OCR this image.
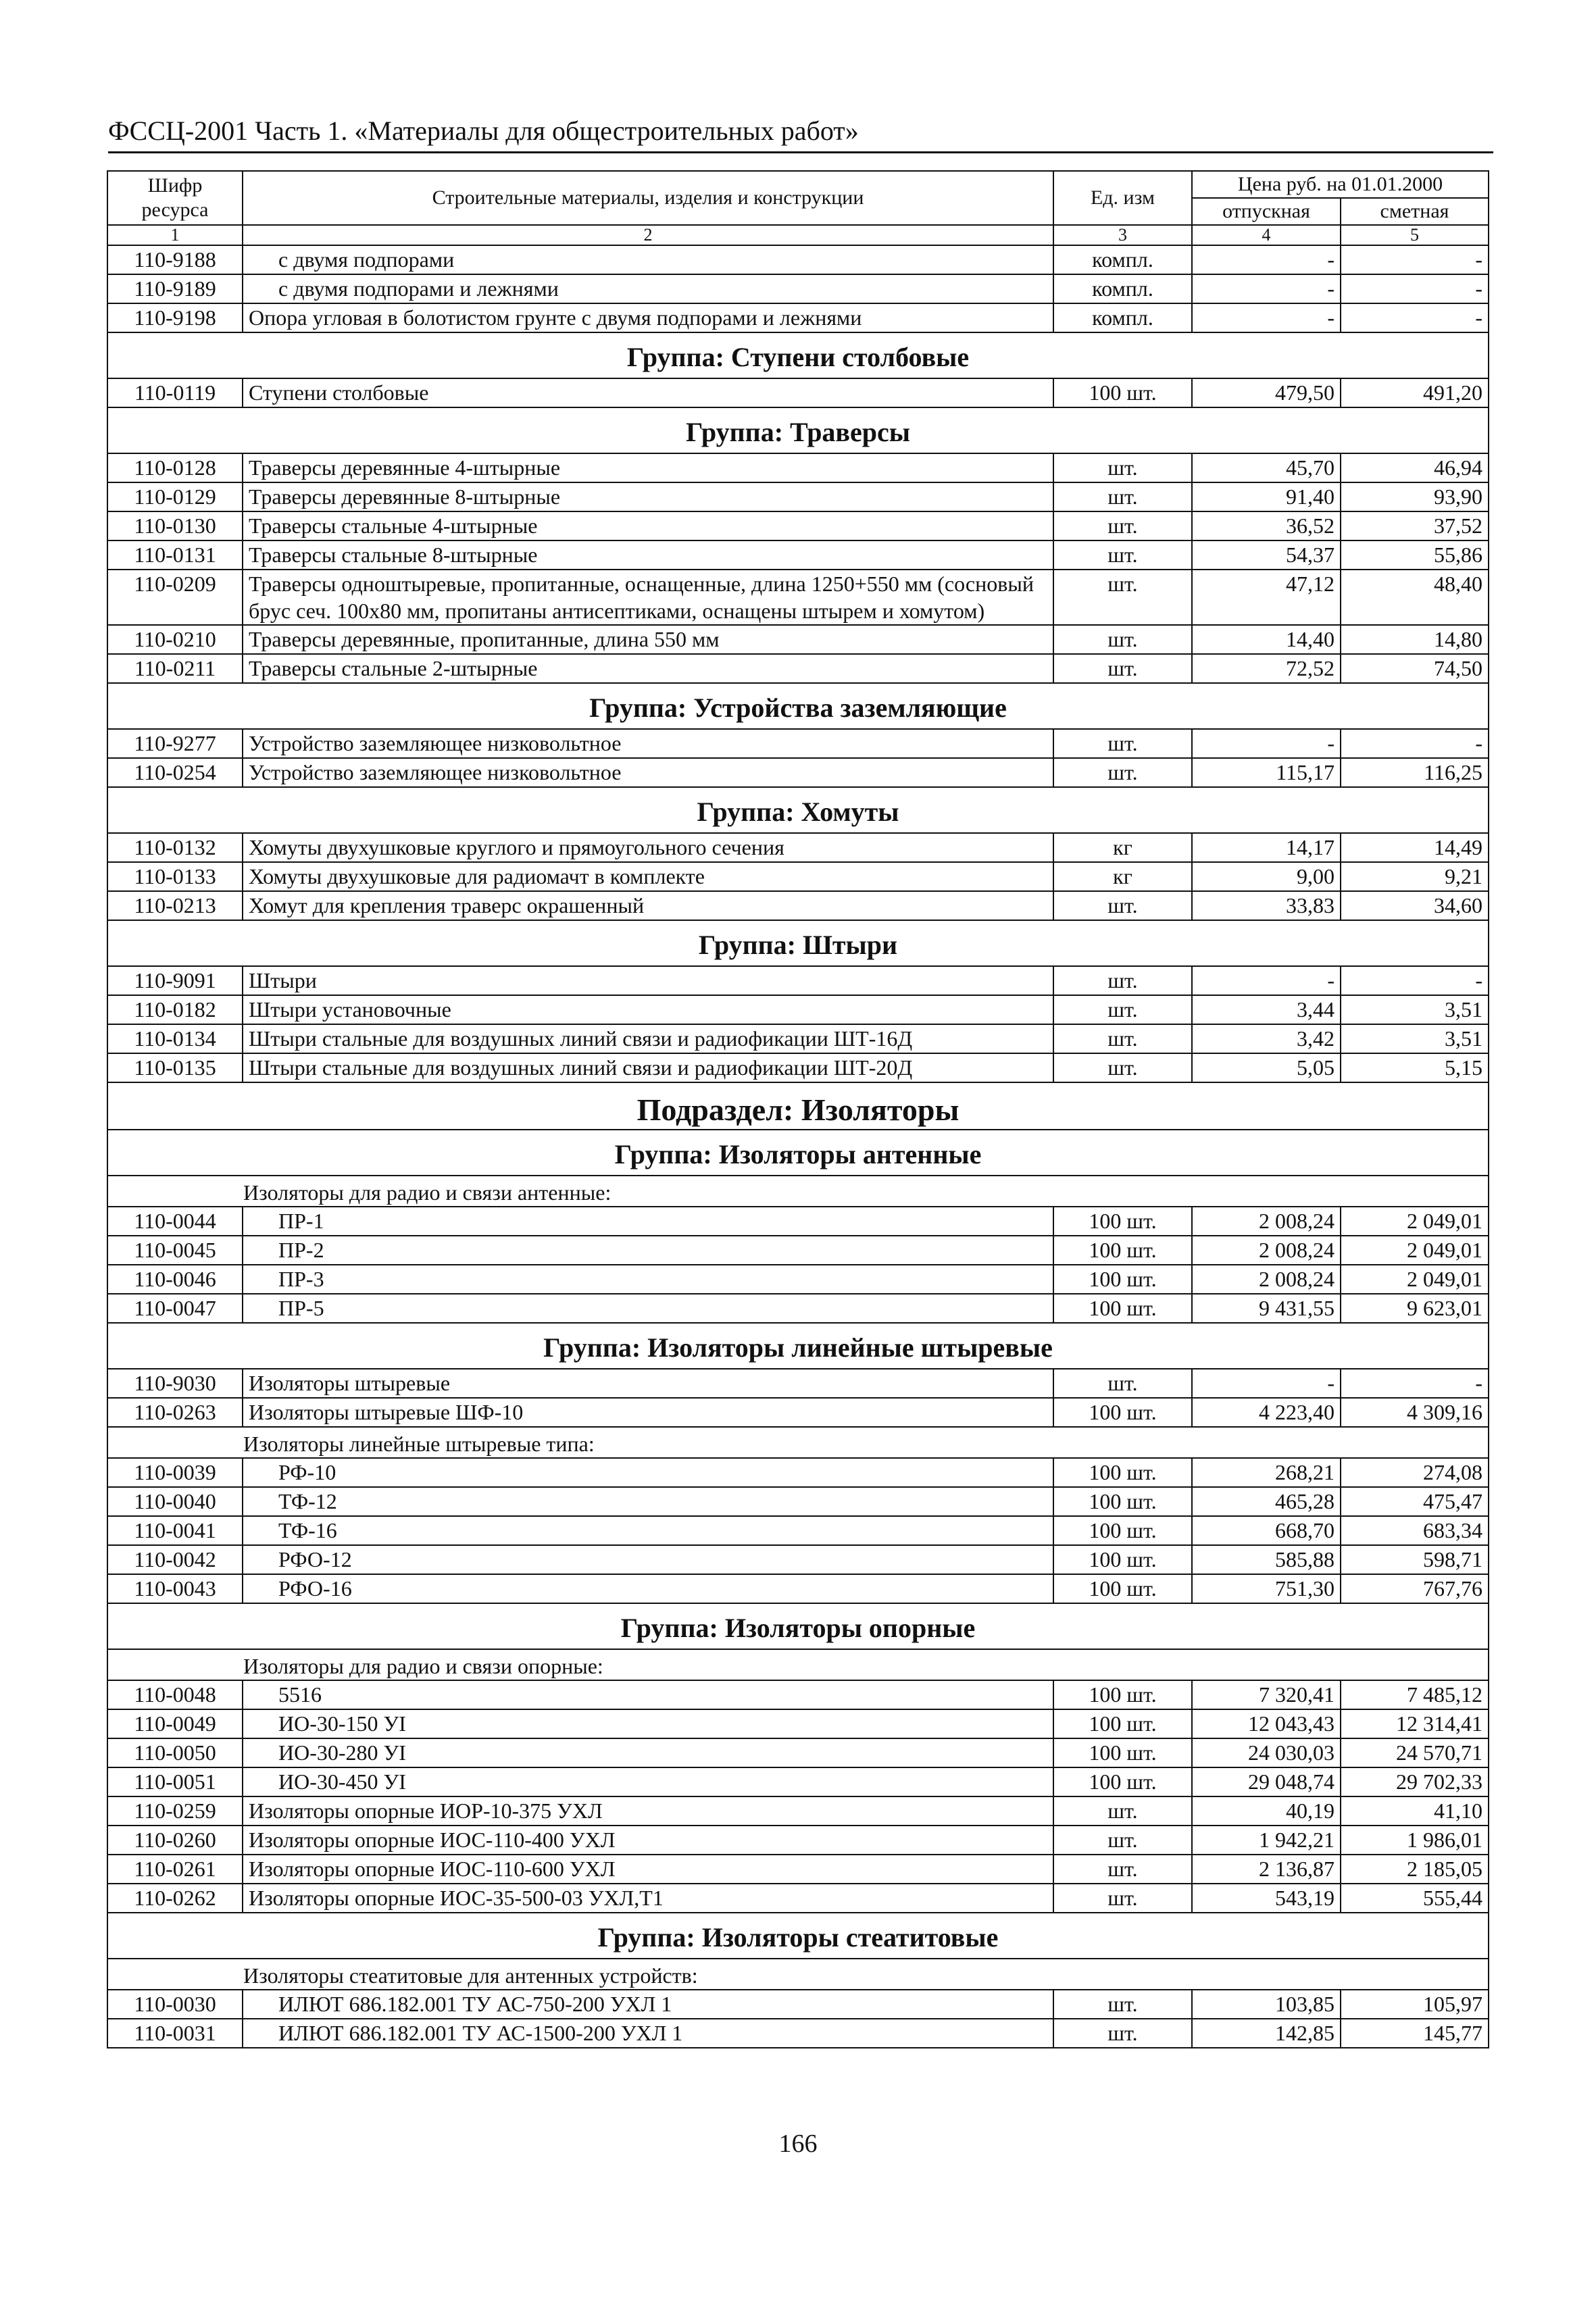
ФССЦ-2001 Часть 1. «Материалы для общестроительных работ»
Шифр ресурса	Строительные материалы, изделия и конструкции	Ед. изм	Цена руб. на 01.01.2000	
			отпускная	сметная
1	2	3	4	5
110-9188	с двумя подпорами	компл.	-	-
110-9189	с двумя подпорами и лежнями	компл.	-	-
110-9198	Опора угловая в болотистом грунте с двумя подпорами и лежнями	компл.	-	-
Группа: Ступени столбовые				
110-0119	Ступени столбовые	100 шт.	479,50	491,20
Группа: Траверсы				
110-0128	Траверсы деревянные 4-штырные	шт.	45,70	46,94
110-0129	Траверсы деревянные 8-штырные	шт.	91,40	93,90
110-0130	Траверсы стальные 4-штырные	шт.	36,52	37,52
110-0131	Траверсы стальные 8-штырные	шт.	54,37	55,86
110-0209	Траверсы одноштыревые, пропитанные, оснащенные, длина 1250+550 мм (сосновый брус сеч. 100х80 мм, пропитаны антисептиками, оснащены штырем и хомутом)	шт.	47,12	48,40
110-0210	Траверсы деревянные, пропитанные, длина 550 мм	шт.	14,40	14,80
110-0211	Траверсы стальные 2-штырные	шт.	72,52	74,50
Группа: Устройства заземляющие				
110-9277	Устройство заземляющее низковольтное	шт.	-	-
110-0254	Устройство заземляющее низковольтное	шт.	115,17	116,25
Группа: Хомуты				
110-0132	Хомуты двухушковые круглого и прямоугольного сечения	кг	14,17	14,49
110-0133	Хомуты двухушковые для радиомачт в комплекте	кг	9,00	9,21
110-0213	Хомут для крепления траверс окрашенный	шт.	33,83	34,60
Группа: Штыри				
110-9091	Штыри	шт.	-	-
110-0182	Штыри установочные	шт.	3,44	3,51
110-0134	Штыри стальные для воздушных линий связи и радиофикации ШТ-16Д	шт.	3,42	3,51
110-0135	Штыри стальные для воздушных линий связи и радиофикации ШТ-20Д	шт.	5,05	5,15
Подраздел: Изоляторы				
Группа: Изоляторы антенные				
Изоляторы для радио и связи антенные:				
110-0044	ПР-1	100 шт.	2 008,24	2 049,01
110-0045	ПР-2	100 шт.	2 008,24	2 049,01
110-0046	ПР-3	100 шт.	2 008,24	2 049,01
110-0047	ПР-5	100 шт.	9 431,55	9 623,01
Группа: Изоляторы линейные штыревые				
110-9030	Изоляторы штыревые	шт.	-	-
110-0263	Изоляторы штыревые ШФ-10	100 шт.	4 223,40	4 309,16
Изоляторы линейные штыревые типа:				
110-0039	РФ-10	100 шт.	268,21	274,08
110-0040	ТФ-12	100 шт.	465,28	475,47
110-0041	ТФ-16	100 шт.	668,70	683,34
110-0042	РФО-12	100 шт.	585,88	598,71
110-0043	РФО-16	100 шт.	751,30	767,76
Группа: Изоляторы опорные				
Изоляторы для радио и связи опорные:				
110-0048	5516	100 шт.	7 320,41	7 485,12
110-0049	ИО-30-150 УI	100 шт.	12 043,43	12 314,41
110-0050	ИО-30-280 УI	100 шт.	24 030,03	24 570,71
110-0051	ИО-30-450 УI	100 шт.	29 048,74	29 702,33
110-0259	Изоляторы опорные ИОР-10-375 УХЛ	шт.	40,19	41,10
110-0260	Изоляторы опорные ИОС-110-400 УХЛ	шт.	1 942,21	1 986,01
110-0261	Изоляторы опорные ИОС-110-600 УХЛ	шт.	2 136,87	2 185,05
110-0262	Изоляторы опорные ИОС-35-500-03 УХЛ,Т1	шт.	543,19	555,44
Группа: Изоляторы стеатитовые				
Изоляторы стеатитовые для антенных устройств:				
110-0030	ИЛЮТ 686.182.001 ТУ АС-750-200 УХЛ 1	шт.	103,85	105,97
110-0031	ИЛЮТ 686.182.001 ТУ АС-1500-200 УХЛ 1	шт.	142,85	145,77
166
